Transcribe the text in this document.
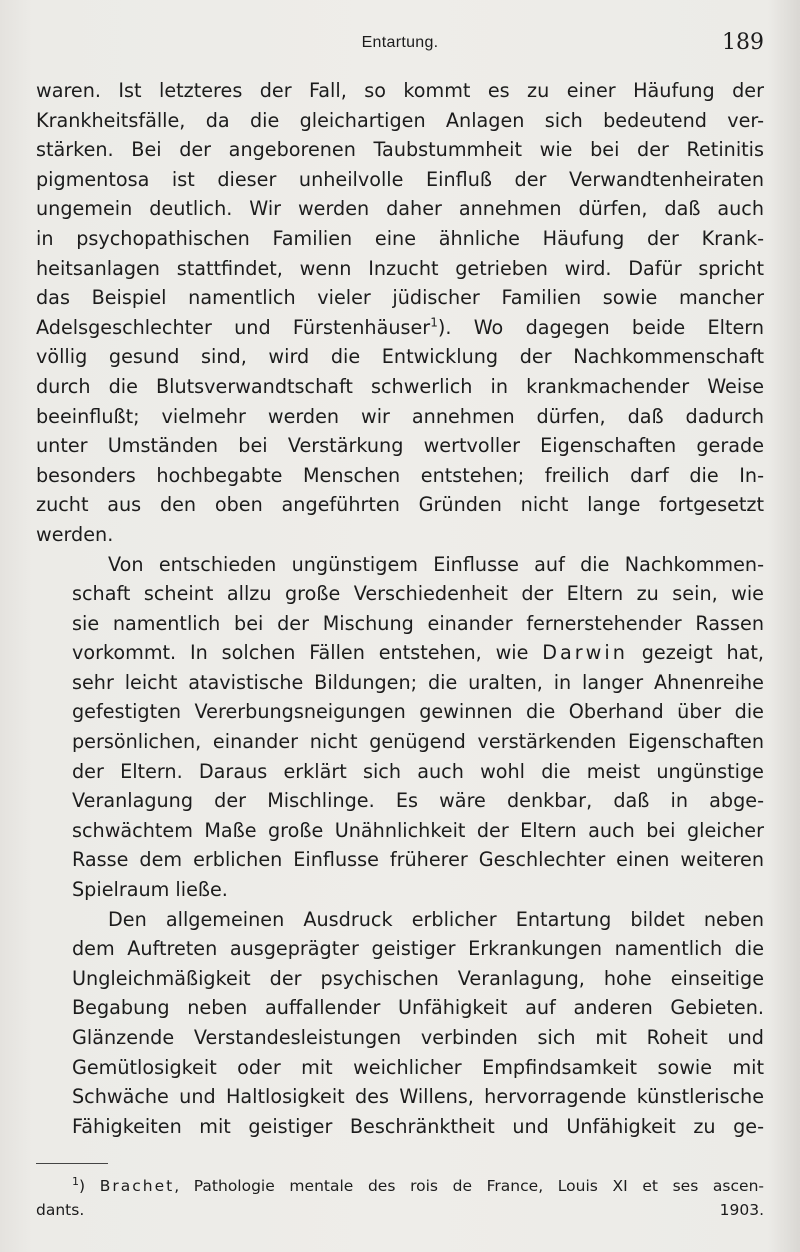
Entartung.	189

waren. Ist letzteres der Fall, so kommt es zu einer Häufung der
Krankheitsfälle, da die gleichartigen Anlagen sich bedeutend ver-
stärken. Bei der angeborenen Taubstummheit wie bei der Retinitis
pigmentosa ist dieser unheilvolle Einfluß der Verwandtenheiraten
ungemein deutlich. Wir werden daher annehmen dürfen, daß auch
in psychopathischen Familien eine ähnliche Häufung der Krank-
heitsanlagen stattfindet, wenn Inzucht getrieben wird. Dafür spricht
das Beispiel namentlich vieler jüdischer Familien sowie mancher
Adelsgeschlechter und Fürstenhäuser$^1$). Wo dagegen beide Eltern
völlig gesund sind, wird die Entwicklung der Nachkommenschaft
durch die Blutsverwandtschaft schwerlich in krankmachender Weise
beeinflußt; vielmehr werden wir annehmen dürfen, daß dadurch
unter Umständen bei Verstärkung wertvoller Eigenschaften gerade
besonders hochbegabte Menschen entstehen; freilich darf die In-
zucht aus den oben angeführten Gründen nicht lange fortgesetzt
werden.

Von entschieden ungünstigem Einflusse auf die Nachkommen-
schaft scheint allzu große Verschiedenheit der Eltern zu sein, wie
sie namentlich bei der Mischung einander fernerstehender Rassen
vorkommt. In solchen Fällen entstehen, wie Darwin gezeigt hat,
sehr leicht atavistische Bildungen; die uralten, in langer Ahnenreihe
gefestigten Vererbungsneigungen gewinnen die Oberhand über die
persönlichen, einander nicht genügend verstärkenden Eigenschaften
der Eltern. Daraus erklärt sich auch wohl die meist ungünstige
Veranlagung der Mischlinge. Es wäre denkbar, daß in abge-
schwächtem Maße große Unähnlichkeit der Eltern auch bei gleicher
Rasse dem erblichen Einflusse früherer Geschlechter einen weiteren
Spielraum ließe.

Den allgemeinen Ausdruck erblicher Entartung bildet neben
dem Auftreten ausgeprägter geistiger Erkrankungen namentlich die
Ungleichmäßigkeit der psychischen Veranlagung, hohe einseitige
Begabung neben auffallender Unfähigkeit auf anderen Gebieten.
Glänzende Verstandesleistungen verbinden sich mit Roheit und
Gemütlosigkeit oder mit weichlicher Empfindsamkeit sowie mit
Schwäche und Haltlosigkeit des Willens, hervorragende künstlerische
Fähigkeiten mit geistiger Beschränktheit und Unfähigkeit zu ge-

$^1$) Brachet, Pathologie mentale des rois de France, Louis XI et ses ascen-
dants. 1903.
